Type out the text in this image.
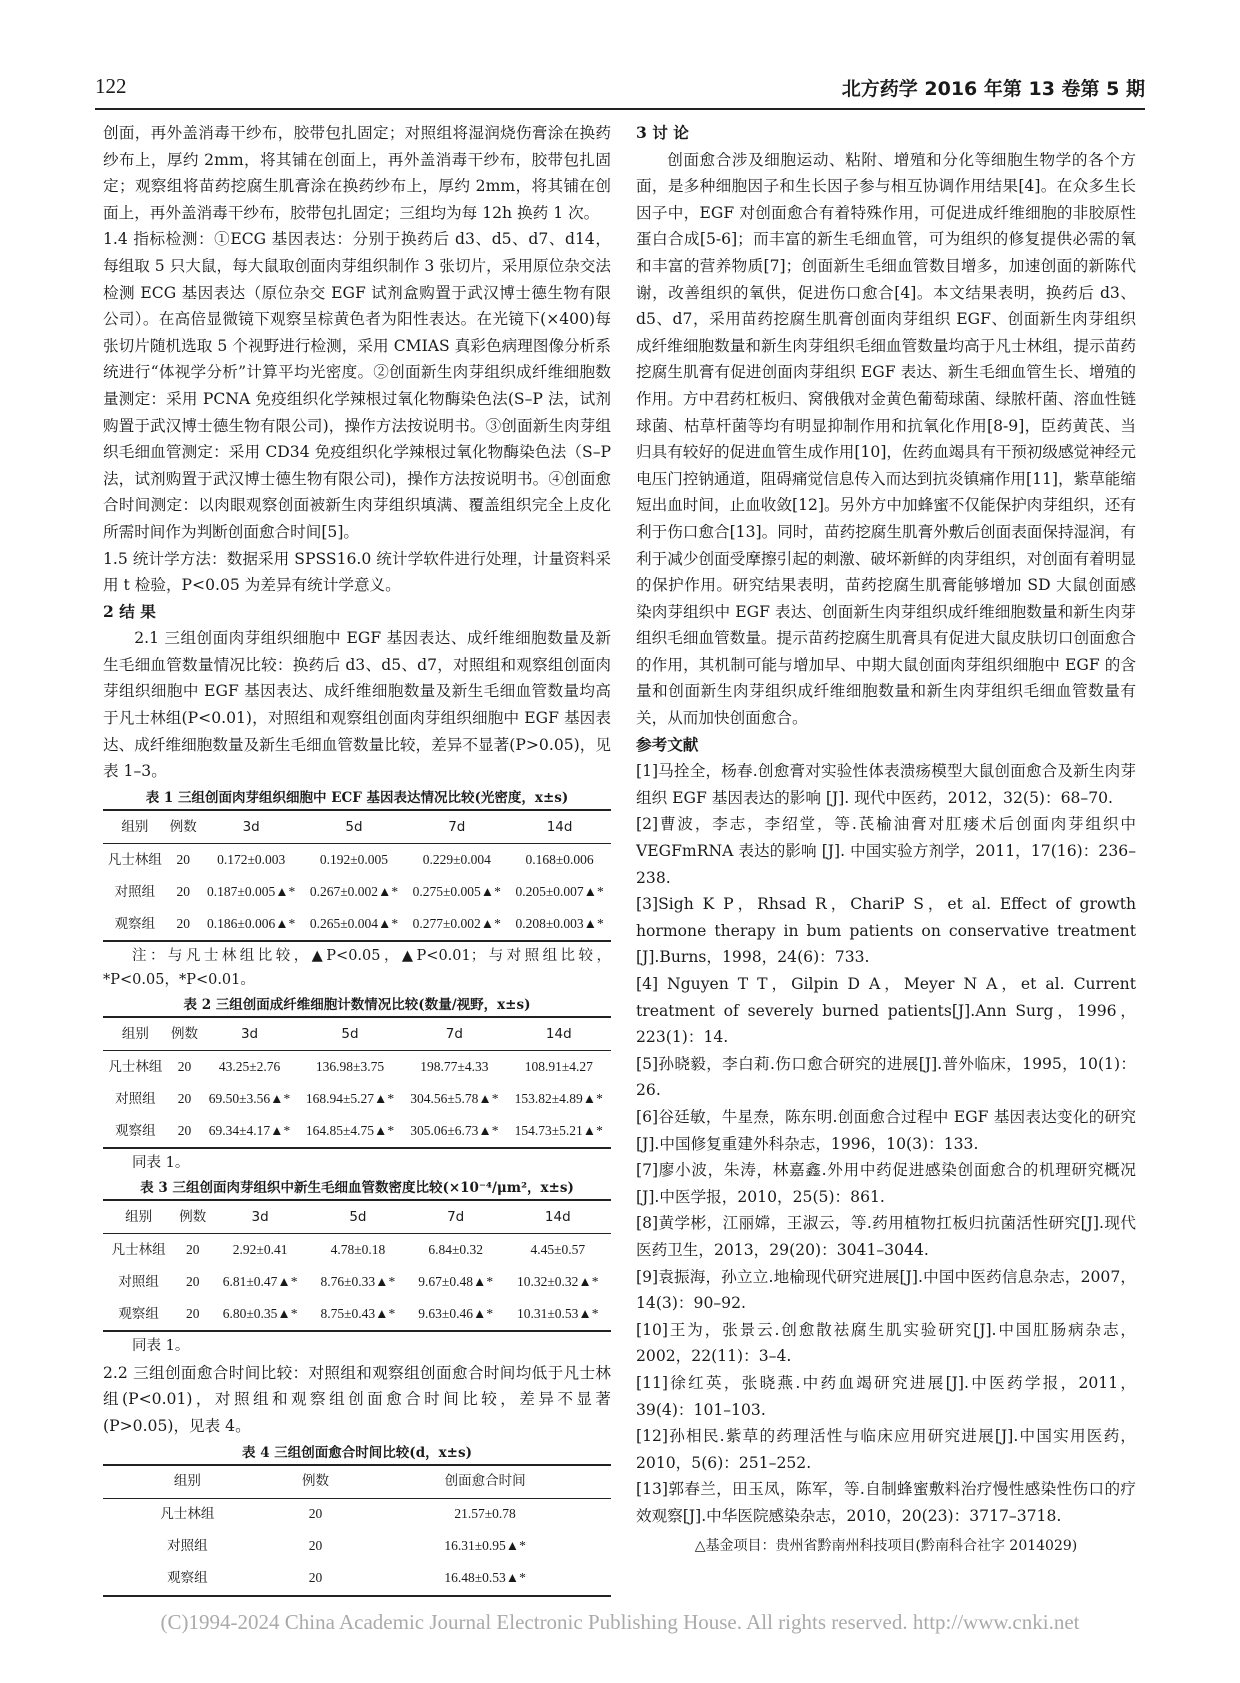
122	北方药学 2016 年第 13 卷第 5 期

创面，再外盖消毒干纱布，胶带包扎固定；对照组将湿润烧伤膏涂在换药纱布上，厚约 2mm，将其铺在创面上，再外盖消毒干纱布，胶带包扎固定；观察组将苗药挖腐生肌膏涂在换药纱布上，厚约 2mm，将其铺在创面上，再外盖消毒干纱布，胶带包扎固定；三组均为每 12h 换药 1 次。

1.4 指标检测：①ECG 基因表达：分别于换药后 d3、d5、d7、d14，每组取 5 只大鼠，每大鼠取创面肉芽组织制作 3 张切片，采用原位杂交法检测 ECG 基因表达（原位杂交 EGF 试剂盒购置于武汉博士德生物有限公司）。在高倍显微镜下观察呈棕黄色者为阳性表达。在光镜下(×400)每张切片随机选取 5 个视野进行检测，采用 CMIAS 真彩色病理图像分析系统进行“体视学分析”计算平均光密度。②创面新生肉芽组织成纤维细胞数量测定：采用 PCNA 免疫组织化学辣根过氧化物酶染色法(S–P 法，试剂购置于武汉博士德生物有限公司)，操作方法按说明书。③创面新生肉芽组织毛细血管测定：采用 CD34 免疫组织化学辣根过氧化物酶染色法（S–P 法，试剂购置于武汉博士德生物有限公司)，操作方法按说明书。④创面愈合时间测定：以肉眼观察创面被新生肉芽组织填满、覆盖组织完全上皮化所需时间作为判断创面愈合时间[5]。

1.5 统计学方法：数据采用 SPSS16.0 统计学软件进行处理，计量资料采用 t 检验，P<0.05 为差异有统计学意义。

2 结 果

2.1 三组创面肉芽组织细胞中 EGF 基因表达、成纤维细胞数量及新生毛细血管数量情况比较：换药后 d3、d5、d7，对照组和观察组创面肉芽组织细胞中 EGF 基因表达、成纤维细胞数量及新生毛细血管数量均高于凡士林组(P<0.01)，对照组和观察组创面肉芽组织细胞中 EGF 基因表达、成纤维细胞数量及新生毛细血管数量比较，差异不显著(P>0.05)，见表 1–3。

表 1 三组创面肉芽组织细胞中 ECF 基因表达情况比较(光密度，x±s)
组别	例数	3d	5d	7d	14d
凡士林组	20	0.172±0.003	0.192±0.005	0.229±0.004	0.168±0.006
对照组	20	0.187±0.005▲*	0.267±0.002▲*	0.275±0.005▲*	0.205±0.007▲*
观察组	20	0.186±0.006▲*	0.265±0.004▲*	0.277±0.002▲*	0.208±0.003▲*

注：与凡士林组比较，▲P<0.05，▲P<0.01；与对照组比较，*P<0.05，*P<0.01。

表 2 三组创面成纤维细胞计数情况比较(数量/视野，x±s)
组别	例数	3d	5d	7d	14d
凡士林组	20	43.25±2.76	136.98±3.75	198.77±4.33	108.91±4.27
对照组	20	69.50±3.56▲*	168.94±5.27▲*	304.56±5.78▲*	153.82±4.89▲*
观察组	20	69.34±4.17▲*	164.85±4.75▲*	305.06±6.73▲*	154.73±5.21▲*

同表 1。

表 3 三组创面肉芽组织中新生毛细血管数密度比较(×10⁻⁴/μm²，x±s)
组别	例数	3d	5d	7d	14d
凡士林组	20	2.92±0.41	4.78±0.18	6.84±0.32	4.45±0.57
对照组	20	6.81±0.47▲*	8.76±0.33▲*	9.67±0.48▲*	10.32±0.32▲*
观察组	20	6.80±0.35▲*	8.75±0.43▲*	9.63±0.46▲*	10.31±0.53▲*

同表 1。

2.2 三组创面愈合时间比较：对照组和观察组创面愈合时间均低于凡士林组(P<0.01)，对照组和观察组创面愈合时间比较，差异不显著(P>0.05)，见表 4。

表 4 三组创面愈合时间比较(d，x±s)
组别	例数	创面愈合时间
凡士林组	20	21.57±0.78
对照组	20	16.31±0.95▲*
观察组	20	16.48±0.53▲*

3 讨 论

创面愈合涉及细胞运动、粘附、增殖和分化等细胞生物学的各个方面，是多种细胞因子和生长因子参与相互协调作用结果[4]。在众多生长因子中，EGF 对创面愈合有着特殊作用，可促进成纤维细胞的非胶原性蛋白合成[5-6]；而丰富的新生毛细血管，可为组织的修复提供必需的氧和丰富的营养物质[7]；创面新生毛细血管数目增多，加速创面的新陈代谢，改善组织的氧供，促进伤口愈合[4]。本文结果表明，换药后 d3、d5、d7，采用苗药挖腐生肌膏创面肉芽组织 EGF、创面新生肉芽组织成纤维细胞数量和新生肉芽组织毛细血管数量均高于凡士林组，提示苗药挖腐生肌膏有促进创面肉芽组织 EGF 表达、新生毛细血管生长、增殖的作用。方中君药杠板归、窝俄俄对金黄色葡萄球菌、绿脓杆菌、溶血性链球菌、枯草杆菌等均有明显抑制作用和抗氧化作用[8-9]，臣药黄芪、当归具有较好的促进血管生成作用[10]，佐药血竭具有干预初级感觉神经元电压门控钠通道，阻碍痛觉信息传入而达到抗炎镇痛作用[11]，紫草能缩短出血时间，止血收敛[12]。另外方中加蜂蜜不仅能保护肉芽组织，还有利于伤口愈合[13]。同时，苗药挖腐生肌膏外敷后创面表面保持湿润，有利于减少创面受摩擦引起的刺激、破坏新鲜的肉芽组织，对创面有着明显的保护作用。研究结果表明，苗药挖腐生肌膏能够增加 SD 大鼠创面感染肉芽组织中 EGF 表达、创面新生肉芽组织成纤维细胞数量和新生肉芽组织毛细血管数量。提示苗药挖腐生肌膏具有促进大鼠皮肤切口创面愈合的作用，其机制可能与增加早、中期大鼠创面肉芽组织细胞中 EGF 的含量和创面新生肉芽组织成纤维细胞数量和新生肉芽组织毛细血管数量有关，从而加快创面愈合。

参考文献

[1]马拴全，杨春.创愈膏对实验性体表溃疡模型大鼠创面愈合及新生肉芽组织 EGF 基因表达的影响 [J]. 现代中医药，2012，32(5)：68–70.

[2]曹波，李志，李绍堂，等.芪榆油膏对肛瘘术后创面肉芽组织中 VEGFmRNA 表达的影响 [J]. 中国实验方剂学，2011，17(16)：236–238.

[3]Sigh K P，Rhsad R，ChariP S，et al. Effect of growth hormone therapy in bum patients on conservative treatment [J].Burns，1998，24(6)：733.

[4] Nguyen T T，Gilpin D A，Meyer N A，et al. Current treatment of severely burned patients[J].Ann Surg，1996，223(1)：14.

[5]孙晓毅，李白莉.伤口愈合研究的进展[J].普外临床，1995，10(1)：26.

[6]谷廷敏，牛星焘，陈东明.创面愈合过程中 EGF 基因表达变化的研究[J].中国修复重建外科杂志，1996，10(3)：133.

[7]廖小波，朱涛，林嘉鑫.外用中药促进感染创面愈合的机理研究概况[J].中医学报，2010，25(5)：861.

[8]黄学彬，江丽嫦，王淑云，等.药用植物扛板归抗菌活性研究[J].现代医药卫生，2013，29(20)：3041–3044.

[9]袁振海，孙立立.地榆现代研究进展[J].中国中医药信息杂志，2007，14(3)：90–92.

[10]王为，张景云.创愈散祛腐生肌实验研究[J].中国肛肠病杂志，2002，22(11)：3–4.

[11]徐红英，张晓燕.中药血竭研究进展[J].中医药学报，2011，39(4)：101–103.

[12]孙相民.紫草的药理活性与临床应用研究进展[J].中国实用医药，2010，5(6)：251–252.

[13]郭春兰，田玉凤，陈军，等.自制蜂蜜敷料治疗慢性感染性伤口的疗效观察[J].中华医院感染杂志，2010，20(23)：3717–3718.

△基金项目：贵州省黔南州科技项目(黔南科合社字 2014029)

(C)1994-2024 China Academic Journal Electronic Publishing House. All rights reserved. http://www.cnki.net
